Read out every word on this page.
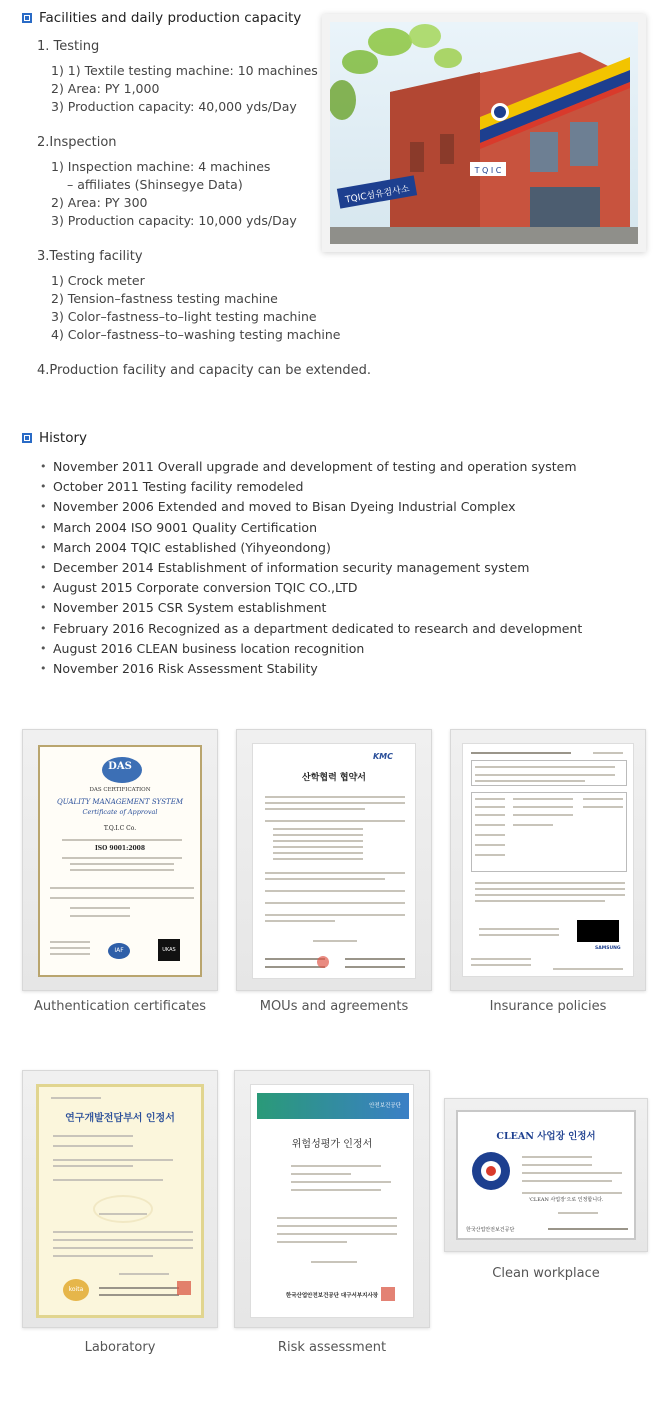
Facilities and daily production capacity
1. Testing
1) 1) Textile testing machine: 10 machines
2) Area: PY 1,000
3) Production capacity: 40,000 yds/Day
2.Inspection
1) Inspection machine: 4 machines
– affiliates (Shinsegye Data)
2) Area: PY 300
3) Production capacity: 10,000 yds/Day
3.Testing facility
1) Crock meter
2) Tension–fastness testing machine
3) Color–fastness–to–light testing machine
4) Color–fastness–to–washing testing machine
4.Production facility and capacity can be extended.
TQIC섬유검사소
T Q I C
History
• November 2011 Overall upgrade and development of testing and operation system
• October 2011 Testing facility remodeled
• November 2006 Extended and moved to Bisan Dyeing Industrial Complex
• March 2004 ISO 9001 Quality Certification
• March 2004 TQIC established (Yihyeondong)
• December 2014 Establishment of information security management system
• August 2015 Corporate conversion TQIC CO.,LTD
• November 2015 CSR System establishment
• February 2016 Recognized as a department dedicated to research and development
• August 2016 CLEAN business location recognition
• November 2016 Risk Assessment Stability
DAS
DAS CERTIFICATION
QUALITY MANAGEMENT SYSTEM
Certificate of Approval
T.Q.I.C Co.
ISO 9001:2008
IAF	UKAS
Authentication certificates
KMC
산학협력 협약서
MOUs and agreements
SAMSUNG
Insurance policies
연구개발전담부서 인정서
koita
Laboratory
안전보건공단
위험성평가 인정서
한국산업안전보건공단 대구서부지사장
Risk assessment
CLEAN 사업장 인정서
‘CLEAN 사업장’으로 인정합니다.
한국산업안전보건공단
Clean workplace
